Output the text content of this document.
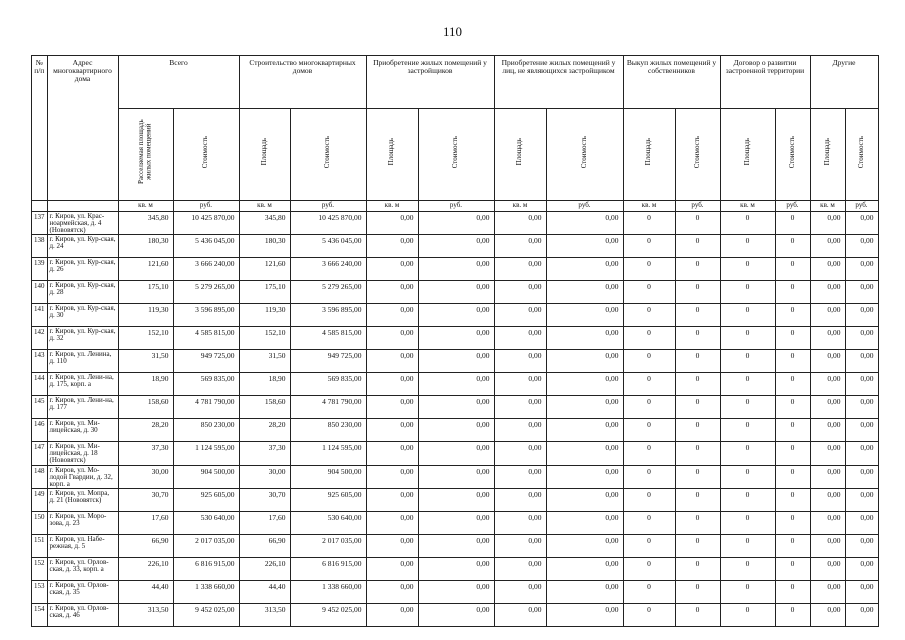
110
№ п/п	Адрес многоквартирного дома	Всего		Строительство многоквартирных домов		Приобретение жилых помещений у застройщиков		Приобретение жилых помещений у лиц, не являющихся застройщиком		Выкуп жилых помещений у собственников		Договор о развитии застроенной территории		Другие	
		Расселяемая площадь жилых помещений	Стоимость	Площадь	Стоимость	Площадь	Стоимость	Площадь	Стоимость	Площадь	Стоимость	Площадь	Стоимость	Площадь	Стоимость
		кв. м	руб.	кв. м	руб.	кв. м	руб.	кв. м	руб.	кв. м	руб.	кв. м	руб.	кв. м	руб.
137	г. Киров, ул. Крас-ноармейская, д. 4 (Нововятск)	345,80	10 425 870,00	345,80	10 425 870,00	0,00	0,00	0,00	0,00	0	0	0	0	0,00	0,00
138	г. Киров, ул. Кур-ская, д. 24	180,30	5 436 045,00	180,30	5 436 045,00	0,00	0,00	0,00	0,00	0	0	0	0	0,00	0,00
139	г. Киров, ул. Кур-ская, д. 26	121,60	3 666 240,00	121,60	3 666 240,00	0,00	0,00	0,00	0,00	0	0	0	0	0,00	0,00
140	г. Киров, ул. Кур-ская, д. 28	175,10	5 279 265,00	175,10	5 279 265,00	0,00	0,00	0,00	0,00	0	0	0	0	0,00	0,00
141	г. Киров, ул. Кур-ская, д. 30	119,30	3 596 895,00	119,30	3 596 895,00	0,00	0,00	0,00	0,00	0	0	0	0	0,00	0,00
142	г. Киров, ул. Кур-ская, д. 32	152,10	4 585 815,00	152,10	4 585 815,00	0,00	0,00	0,00	0,00	0	0	0	0	0,00	0,00
143	г. Киров, ул. Ленина, д. 110	31,50	949 725,00	31,50	949 725,00	0,00	0,00	0,00	0,00	0	0	0	0	0,00	0,00
144	г. Киров, ул. Лени-на, д. 175, корп. а	18,90	569 835,00	18,90	569 835,00	0,00	0,00	0,00	0,00	0	0	0	0	0,00	0,00
145	г. Киров, ул. Лени-на, д. 177	158,60	4 781 790,00	158,60	4 781 790,00	0,00	0,00	0,00	0,00	0	0	0	0	0,00	0,00
146	г. Киров, ул. Ми-лицейская, д. 30	28,20	850 230,00	28,20	850 230,00	0,00	0,00	0,00	0,00	0	0	0	0	0,00	0,00
147	г. Киров, ул. Ми-лицейская, д. 18 (Нововятск)	37,30	1 124 595,00	37,30	1 124 595,00	0,00	0,00	0,00	0,00	0	0	0	0	0,00	0,00
148	г. Киров, ул. Мо-лодой Гвардии, д. 32, корп. а	30,00	904 500,00	30,00	904 500,00	0,00	0,00	0,00	0,00	0	0	0	0	0,00	0,00
149	г. Киров, ул. Мопра, д. 21 (Нововятск)	30,70	925 605,00	30,70	925 605,00	0,00	0,00	0,00	0,00	0	0	0	0	0,00	0,00
150	г. Киров, ул. Моро-зова, д. 23	17,60	530 640,00	17,60	530 640,00	0,00	0,00	0,00	0,00	0	0	0	0	0,00	0,00
151	г. Киров, ул. Набе-режная, д. 5	66,90	2 017 035,00	66,90	2 017 035,00	0,00	0,00	0,00	0,00	0	0	0	0	0,00	0,00
152	г. Киров, ул. Орлов-ская, д. 33, корп. а	226,10	6 816 915,00	226,10	6 816 915,00	0,00	0,00	0,00	0,00	0	0	0	0	0,00	0,00
153	г. Киров, ул. Орлов-ская, д. 35	44,40	1 338 660,00	44,40	1 338 660,00	0,00	0,00	0,00	0,00	0	0	0	0	0,00	0,00
154	г. Киров, ул. Орлов-ская, д. 46	313,50	9 452 025,00	313,50	9 452 025,00	0,00	0,00	0,00	0,00	0	0	0	0	0,00	0,00
